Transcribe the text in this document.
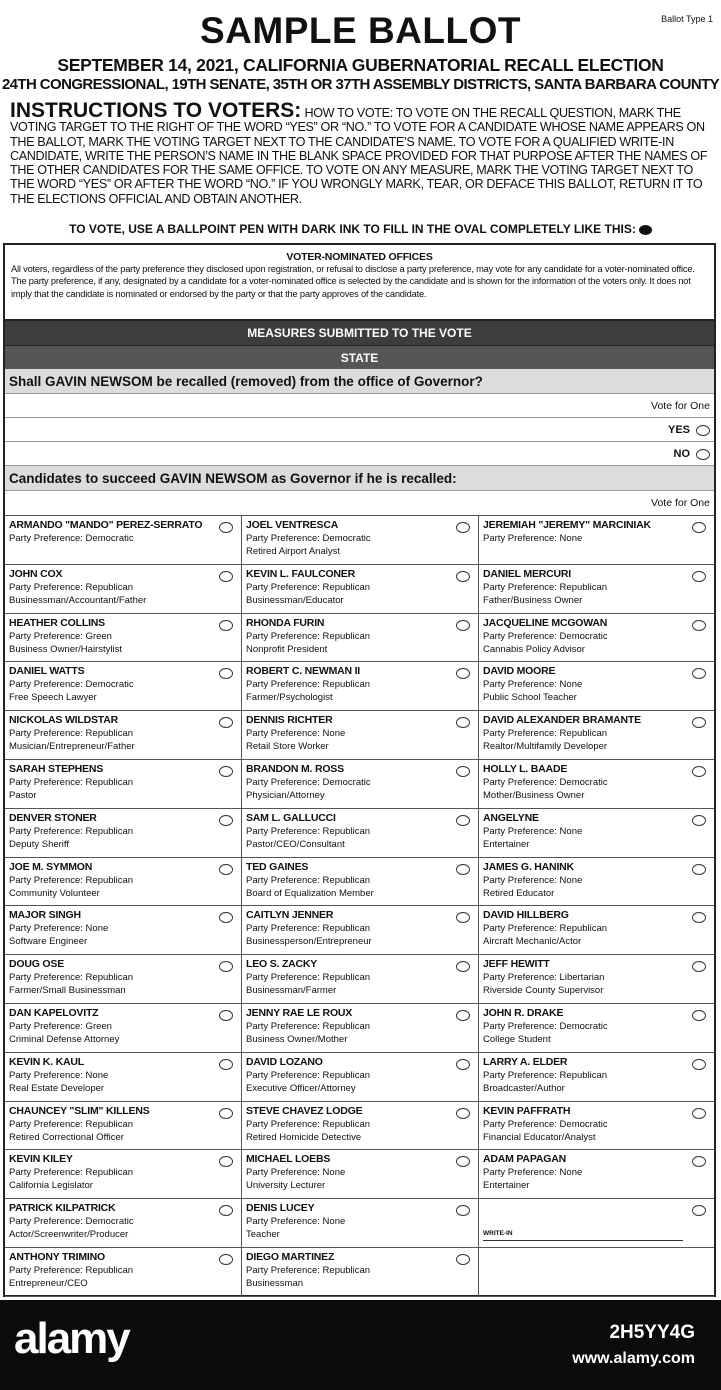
Ballot Type 1
SAMPLE BALLOT
SEPTEMBER 14, 2021, CALIFORNIA GUBERNATORIAL RECALL ELECTION
24TH CONGRESSIONAL, 19TH SENATE, 35TH OR 37TH ASSEMBLY DISTRICTS, SANTA BARBARA COUNTY
INSTRUCTIONS TO VOTERS: HOW TO VOTE: TO VOTE ON THE RECALL QUESTION, MARK THE VOTING TARGET TO THE RIGHT OF THE WORD “YES” OR “NO.” TO VOTE FOR A CANDIDATE WHOSE NAME APPEARS ON THE BALLOT, MARK THE VOTING TARGET NEXT TO THE CANDIDATE’S NAME. TO VOTE FOR A QUALIFIED WRITE-IN CANDIDATE, WRITE THE PERSON’S NAME IN THE BLANK SPACE PROVIDED FOR THAT PURPOSE AFTER THE NAMES OF THE OTHER CANDIDATES FOR THE SAME OFFICE. TO VOTE ON ANY MEASURE, MARK THE VOTING TARGET NEXT TO THE WORD “YES” OR AFTER THE WORD “NO.” IF YOU WRONGLY MARK, TEAR, OR DEFACE THIS BALLOT, RETURN IT TO THE ELECTIONS OFFICIAL AND OBTAIN ANOTHER.
TO VOTE, USE A BALLPOINT PEN WITH DARK INK TO FILL IN THE OVAL COMPLETELY LIKE THIS:
VOTER-NOMINATED OFFICES

All voters, regardless of the party preference they disclosed upon registration, or refusal to disclose a party preference, may vote for any candidate for a voter-nominated office. The party preference, if any, designated by a candidate for a voter-nominated office is selected by the candidate and is shown for the information of the voters only. It does not imply that the candidate is nominated or endorsed by the party or that the party approves of the candidate.

MEASURES SUBMITTED TO THE VOTE
STATE
Shall GAVIN NEWSOM be recalled (removed) from the office of Governor?
Vote for One
YES
NO
Candidates to succeed GAVIN NEWSOM as Governor if he is recalled:
Vote for One
ARMANDO "MANDO" PEREZ-SERRATO
Party Preference: Democratic
JOEL VENTRESCA
Party Preference: Democratic
Retired Airport Analyst
JEREMIAH "JEREMY" MARCINIAK
Party Preference: None
JOHN COX
Party Preference: Republican
Businessman/Accountant/Father
KEVIN L. FAULCONER
Party Preference: Republican
Businessman/Educator
DANIEL MERCURI
Party Preference: Republican
Father/Business Owner
HEATHER COLLINS
Party Preference: Green
Business Owner/Hairstylist
RHONDA FURIN
Party Preference: Republican
Nonprofit President
JACQUELINE MCGOWAN
Party Preference: Democratic
Cannabis Policy Advisor
DANIEL WATTS
Party Preference: Democratic
Free Speech Lawyer
ROBERT C. NEWMAN II
Party Preference: Republican
Farmer/Psychologist
DAVID MOORE
Party Preference: None
Public School Teacher
NICKOLAS WILDSTAR
Party Preference: Republican
Musician/Entrepreneur/Father
DENNIS RICHTER
Party Preference: None
Retail Store Worker
DAVID ALEXANDER BRAMANTE
Party Preference: Republican
Realtor/Multifamily Developer
SARAH STEPHENS
Party Preference: Republican
Pastor
BRANDON M. ROSS
Party Preference: Democratic
Physician/Attorney
HOLLY L. BAADE
Party Preference: Democratic
Mother/Business Owner
DENVER STONER
Party Preference: Republican
Deputy Sheriff
SAM L. GALLUCCI
Party Preference: Republican
Pastor/CEO/Consultant
ANGELYNE
Party Preference: None
Entertainer
JOE M. SYMMON
Party Preference: Republican
Community Volunteer
TED GAINES
Party Preference: Republican
Board of Equalization Member
JAMES G. HANINK
Party Preference: None
Retired Educator
MAJOR SINGH
Party Preference: None
Software Engineer
CAITLYN JENNER
Party Preference: Republican
Businessperson/Entrepreneur
DAVID HILLBERG
Party Preference: Republican
Aircraft Mechanic/Actor
DOUG OSE
Party Preference: Republican
Farmer/Small Businessman
LEO S. ZACKY
Party Preference: Republican
Businessman/Farmer
JEFF HEWITT
Party Preference: Libertarian
Riverside County Supervisor
DAN KAPELOVITZ
Party Preference: Green
Criminal Defense Attorney
JENNY RAE LE ROUX
Party Preference: Republican
Business Owner/Mother
JOHN R. DRAKE
Party Preference: Democratic
College Student
KEVIN K. KAUL
Party Preference: None
Real Estate Developer
DAVID LOZANO
Party Preference: Republican
Executive Officer/Attorney
LARRY A. ELDER
Party Preference: Republican
Broadcaster/Author
CHAUNCEY "SLIM" KILLENS
Party Preference: Republican
Retired Correctional Officer
STEVE CHAVEZ LODGE
Party Preference: Republican
Retired Homicide Detective
KEVIN PAFFRATH
Party Preference: Democratic
Financial Educator/Analyst
KEVIN KILEY
Party Preference: Republican
California Legislator
MICHAEL LOEBS
Party Preference: None
University Lecturer
ADAM PAPAGAN
Party Preference: None
Entertainer
PATRICK KILPATRICK
Party Preference: Democratic
Actor/Screenwriter/Producer
DENIS LUCEY
Party Preference: None
Teacher	WRITE-IN
ANTHONY TRIMINO
Party Preference: Republican
Entrepreneur/CEO
DIEGO MARTINEZ
Party Preference: Republican
Businessman
alamy	2H5YY4G
www.alamy.com
